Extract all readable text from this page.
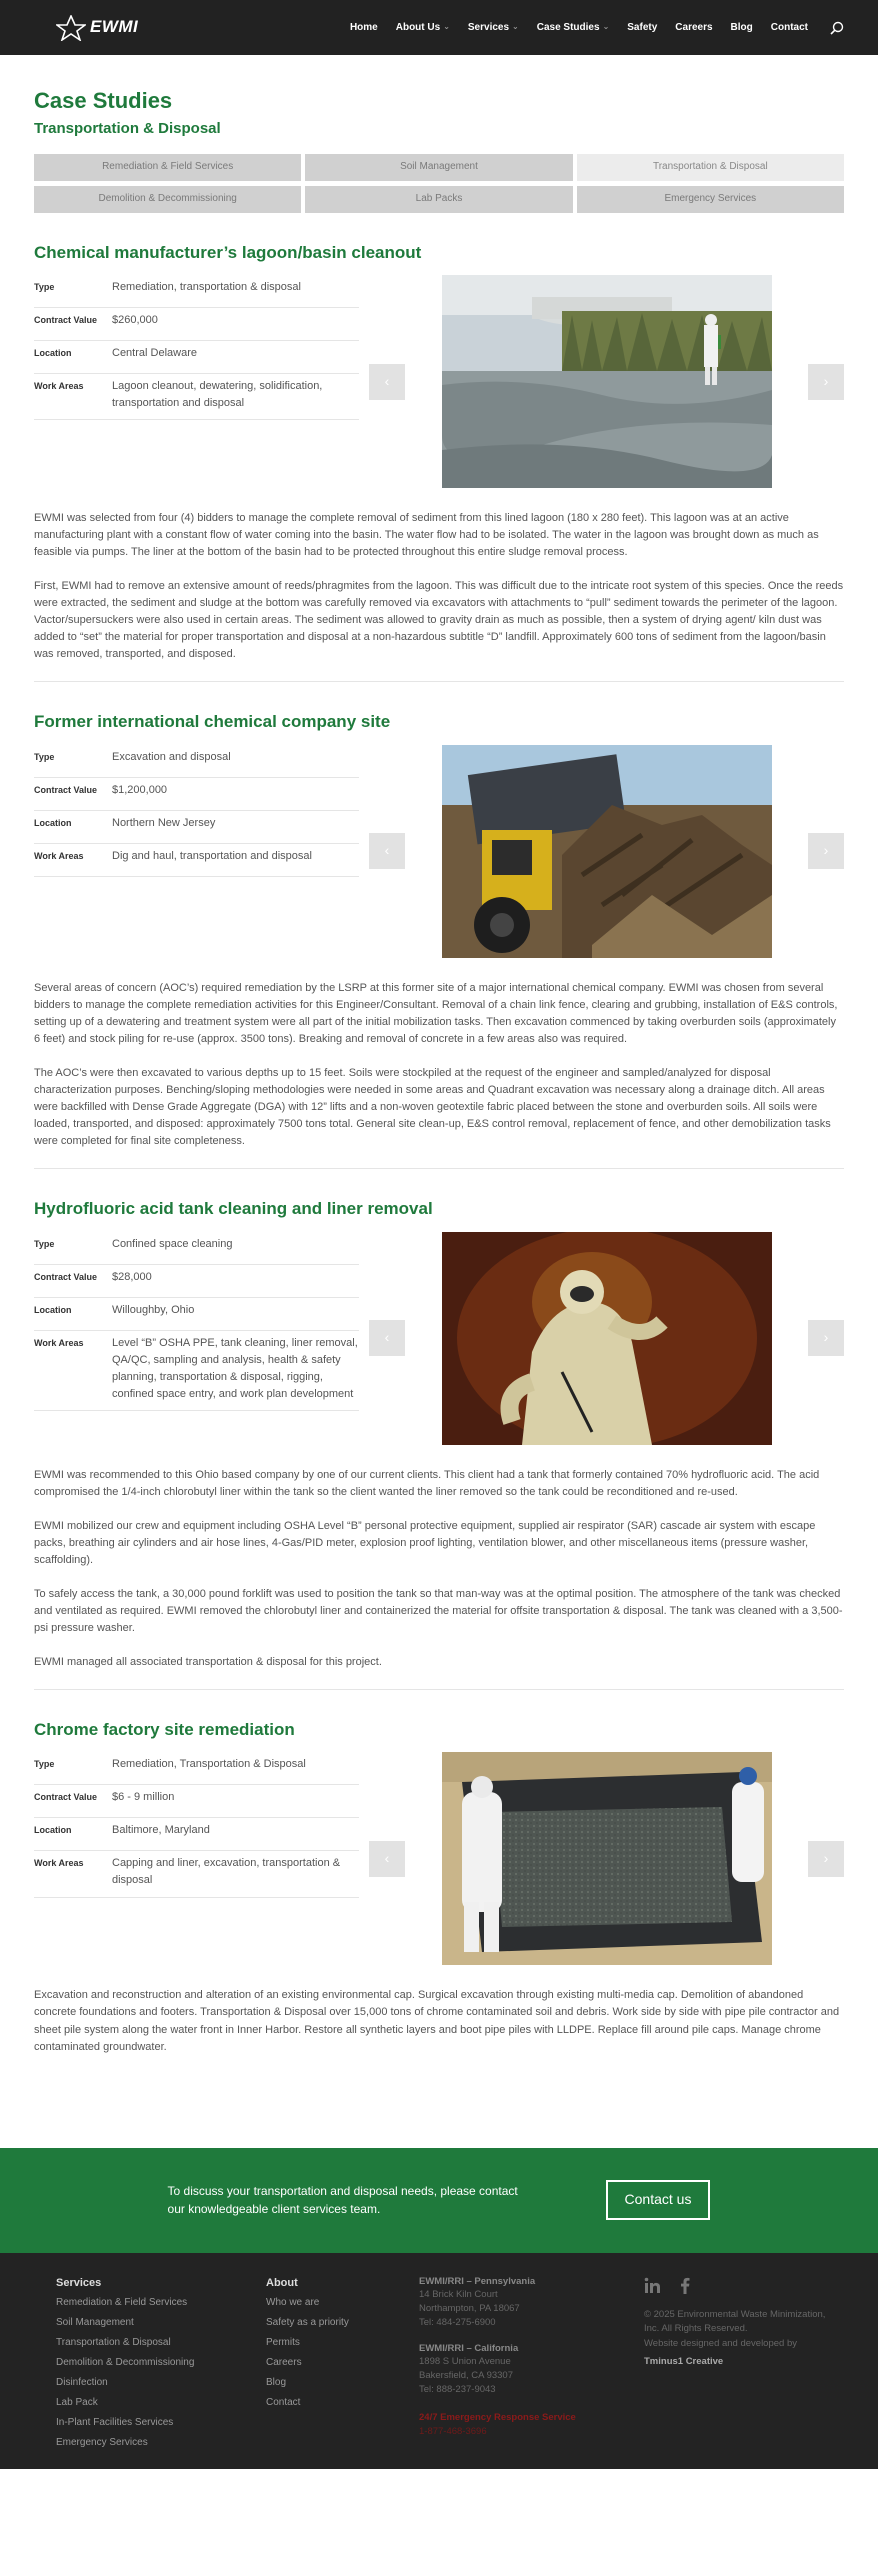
EWMI	Home About Us ⌄ Services ⌄ Case Studies ⌄ Safety Careers Blog Contact
Case Studies
Transportation & Disposal
Remediation & Field Services	Soil Management	Transportation & Disposal
Demolition & Decommissioning	Lab Packs	Emergency Services
Chemical manufacturer’s lagoon/basin cleanout
Type	Remediation, transportation & disposal
Contract Value	$260,000
Location	Central Delaware
Work Areas	Lagoon cleanout, dewatering, solidification, transportation and disposal
‹	›

EWMI was selected from four (4) bidders to manage the complete removal of sediment from this lined lagoon (180 x 280 feet). This lagoon was at an active manufacturing plant with a constant flow of water coming into the basin. The water flow had to be isolated. The water in the lagoon was brought down as much as feasible via pumps. The liner at the bottom of the basin had to be protected throughout this entire sludge removal process.

First, EWMI had to remove an extensive amount of reeds/phragmites from the lagoon. This was difficult due to the intricate root system of this species. Once the reeds were extracted, the sediment and sludge at the bottom was carefully removed via excavators with attachments to “pull” sediment towards the perimeter of the lagoon. Vactor/supersuckers were also used in certain areas. The sediment was allowed to gravity drain as much as possible, then a system of drying agent/ kiln dust was added to “set” the material for proper transportation and disposal at a non-hazardous subtitle “D” landfill. Approximately 600 tons of sediment from the lagoon/basin was removed, transported, and disposed.

Former international chemical company site
Type	Excavation and disposal
Contract Value	$1,200,000
Location	Northern New Jersey
Work Areas	Dig and haul, transportation and disposal	‹	›

Several areas of concern (AOC’s) required remediation by the LSRP at this former site of a major international chemical company. EWMI was chosen from several bidders to manage the complete remediation activities for this Engineer/Consultant. Removal of a chain link fence, clearing and grubbing, installation of E&S controls, setting up of a dewatering and treatment system were all part of the initial mobilization tasks. Then excavation commenced by taking overburden soils (approximately 6 feet) and stock piling for re-use (approx. 3500 tons). Breaking and removal of concrete in a few areas also was required.

The AOC’s were then excavated to various depths up to 15 feet. Soils were stockpiled at the request of the engineer and sampled/analyzed for disposal characterization purposes. Benching/sloping methodologies were needed in some areas and Quadrant excavation was necessary along a drainage ditch. All areas were backfilled with Dense Grade Aggregate (DGA) with 12” lifts and a non-woven geotextile fabric placed between the stone and overburden soils. All soils were loaded, transported, and disposed: approximately 7500 tons total. General site clean-up, E&S control removal, replacement of fence, and other demobilization tasks were completed for final site completeness.

Hydrofluoric acid tank cleaning and liner removal
Type	Confined space cleaning
Contract Value	$28,000
Location	Willoughby, Ohio
Work Areas	Level “B” OSHA PPE, tank cleaning, liner removal, QA/QC, sampling and analysis, health & safety planning, transportation & disposal, rigging, confined space entry, and work plan development
‹	›

EWMI was recommended to this Ohio based company by one of our current clients. This client had a tank that formerly contained 70% hydrofluoric acid. The acid compromised the 1/4-inch chlorobutyl liner within the tank so the client wanted the liner removed so the tank could be reconditioned and re-used.

EWMI mobilized our crew and equipment including OSHA Level “B” personal protective equipment, supplied air respirator (SAR) cascade air system with escape packs, breathing air cylinders and air hose lines, 4-Gas/PID meter, explosion proof lighting, ventilation blower, and other miscellaneous items (pressure washer, scaffolding).

To safely access the tank, a 30,000 pound forklift was used to position the tank so that man-way was at the optimal position. The atmosphere of the tank was checked and ventilated as required. EWMI removed the chlorobutyl liner and containerized the material for offsite transportation & disposal. The tank was cleaned with a 3,500-psi pressure washer.

EWMI managed all associated transportation & disposal for this project.

Chrome factory site remediation
Type	Remediation, Transportation & Disposal
Contract Value	$6 - 9 million
Location	Baltimore, Maryland
Work Areas	Capping and liner, excavation, transportation & disposal
‹	›

Excavation and reconstruction and alteration of an existing environmental cap. Surgical excavation through existing multi-media cap. Demolition of abandoned concrete foundations and footers. Transportation & Disposal over 15,000 tons of chrome contaminated soil and debris. Work side by side with pipe pile contractor and sheet pile system along the water front in Inner Harbor. Restore all synthetic layers and boot pipe piles with LLDPE. Replace fill around pile caps. Manage chrome contaminated groundwater.

To discuss your transportation and disposal needs, please contact our knowledgeable client services team.
Contact us
Services
Remediation & Field Services
Soil Management
Transportation & Disposal
Demolition & Decommissioning
Disinfection
Lab Pack
In-Plant Facilities Services
Emergency Services
About
Who we are
Safety as a priority
Permits
Careers
Blog
Contact
EWMI/RRI – Pennsylvania
14 Brick Kiln Court
Northampton, PA 18067
Tel: 484-275-6900
EWMI/RRI – California
1898 S Union Avenue
Bakersfield, CA 93307
Tel: 888-237-9043
24/7 Emergency Response Service
1-877-468-3696
© 2025 Environmental Waste Minimization, Inc. All Rights Reserved.
Website designed and developed by
Tminus1 Creative
